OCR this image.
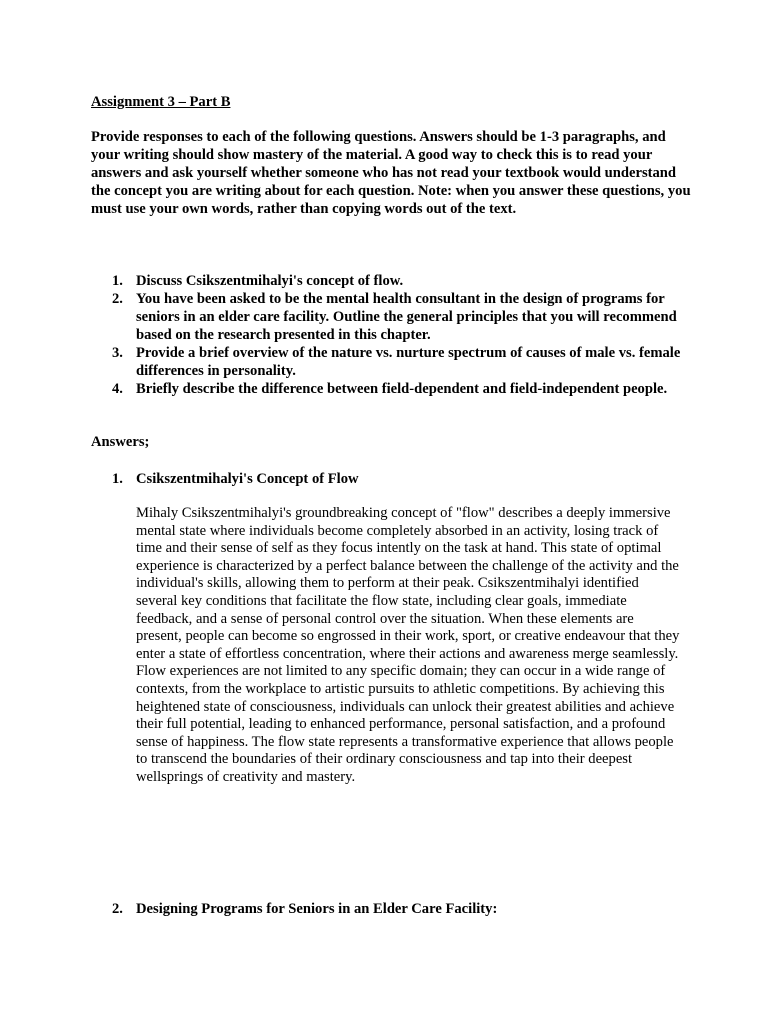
Assignment 3 – Part B

Provide responses to each of the following questions. Answers should be 1-3 paragraphs, and your writing should show mastery of the material. A good way to check this is to read your answers and ask yourself whether someone who has not read your textbook would understand the concept you are writing about for each question. Note: when you answer these questions, you must use your own words, rather than copying words out of the text.

1. Discuss Csikszentmihalyi's concept of flow.
2. You have been asked to be the mental health consultant in the design of programs for seniors in an elder care facility. Outline the general principles that you will recommend based on the research presented in this chapter.
3. Provide a brief overview of the nature vs. nurture spectrum of causes of male vs. female differences in personality.
4. Briefly describe the difference between field-dependent and field-independent people.

Answers;

1. Csikszentmihalyi's Concept of Flow

Mihaly Csikszentmihalyi's groundbreaking concept of "flow" describes a deeply immersive mental state where individuals become completely absorbed in an activity, losing track of time and their sense of self as they focus intently on the task at hand. This state of optimal experience is characterized by a perfect balance between the challenge of the activity and the individual's skills, allowing them to perform at their peak. Csikszentmihalyi identified several key conditions that facilitate the flow state, including clear goals, immediate feedback, and a sense of personal control over the situation. When these elements are present, people can become so engrossed in their work, sport, or creative endeavour that they enter a state of effortless concentration, where their actions and awareness merge seamlessly. Flow experiences are not limited to any specific domain; they can occur in a wide range of contexts, from the workplace to artistic pursuits to athletic competitions. By achieving this heightened state of consciousness, individuals can unlock their greatest abilities and achieve their full potential, leading to enhanced performance, personal satisfaction, and a profound sense of happiness. The flow state represents a transformative experience that allows people to transcend the boundaries of their ordinary consciousness and tap into their deepest wellsprings of creativity and mastery.

2. Designing Programs for Seniors in an Elder Care Facility:
